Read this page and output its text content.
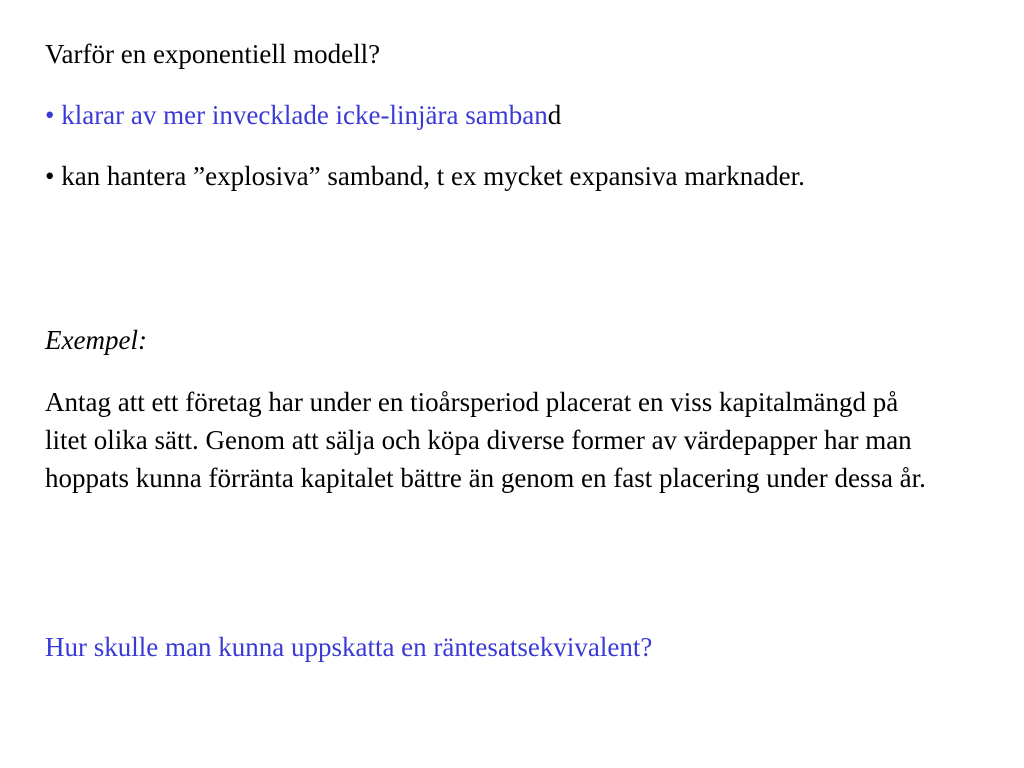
Varför en exponentiell modell?
• klarar av mer invecklade icke-linjära samband
• kan hantera ”explosiva” samband, t ex mycket expansiva marknader.
Exempel:
Antag att ett företag har under en tioårsperiod placerat en viss kapitalmängd på litet olika sätt. Genom att sälja och köpa diverse former av värdepapper har man hoppats kunna förränta kapitalet bättre än genom en fast placering under dessa år.
Hur skulle man kunna uppskatta en räntesatsekvivalent?
